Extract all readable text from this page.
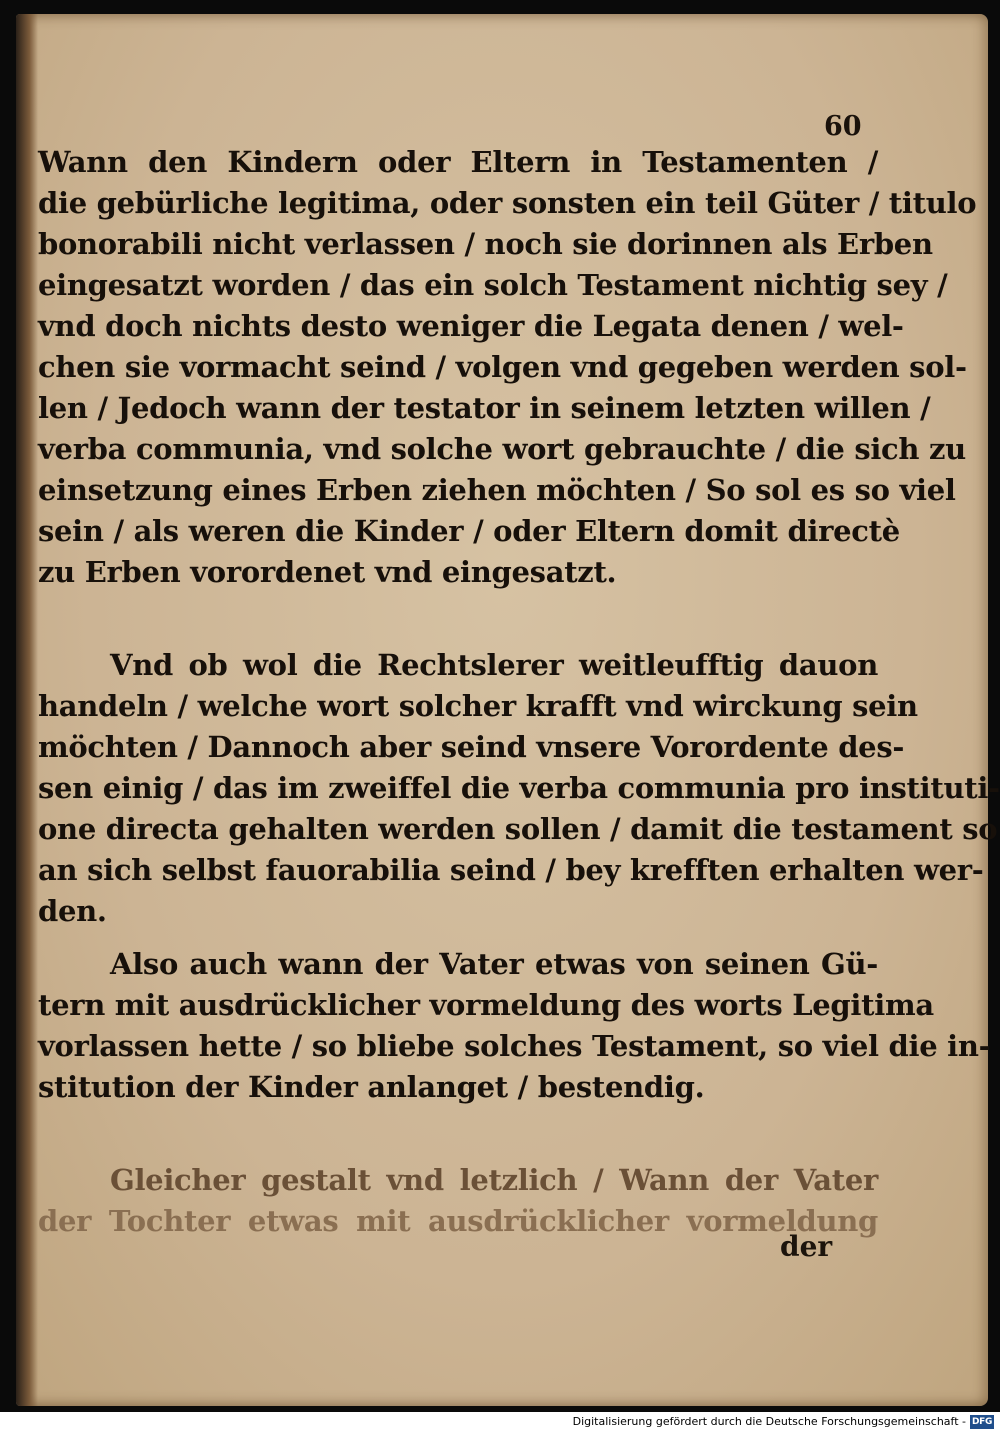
60
Wann den Kindern oder Eltern in Testamenten /
die gebürliche legitima, oder sonsten ein teil Güter / titulo
bonorabili nicht verlassen / noch sie dorinnen als Erben
eingesatzt worden / das ein solch Testament nichtig sey /
vnd doch nichts desto weniger die Legata denen / wel-
chen sie vormacht seind / volgen vnd gegeben werden sol-
len / Jedoch wann der testator in seinem letzten willen /
verba communia, vnd solche wort gebrauchte / die sich zu
einsetzung eines Erben ziehen möchten / So sol es so viel
sein / als weren die Kinder / oder Eltern domit directè
zu Erben vorordenet vnd eingesatzt.
Vnd ob wol die Rechtslerer weitleufftig dauon
handeln / welche wort solcher krafft vnd wirckung sein
möchten / Dannoch aber seind vnsere Vorordente des-
sen einig / das im zweiffel die verba communia pro instituti-
one directa gehalten werden sollen / damit die testament so
an sich selbst fauorabilia seind / bey krefften erhalten wer-
den.
Also auch wann der Vater etwas von seinen Gü-
tern mit ausdrücklicher vormeldung des worts Legitima
vorlassen hette / so bliebe solches Testament, so viel die in-
stitution der Kinder anlanget / bestendig.
Gleicher gestalt vnd letzlich / Wann der Vater
der Tochter etwas mit ausdrücklicher vormeldung
der
Digitalisierung gefördert durch die Deutsche Forschungsgemeinschaft - DFG
